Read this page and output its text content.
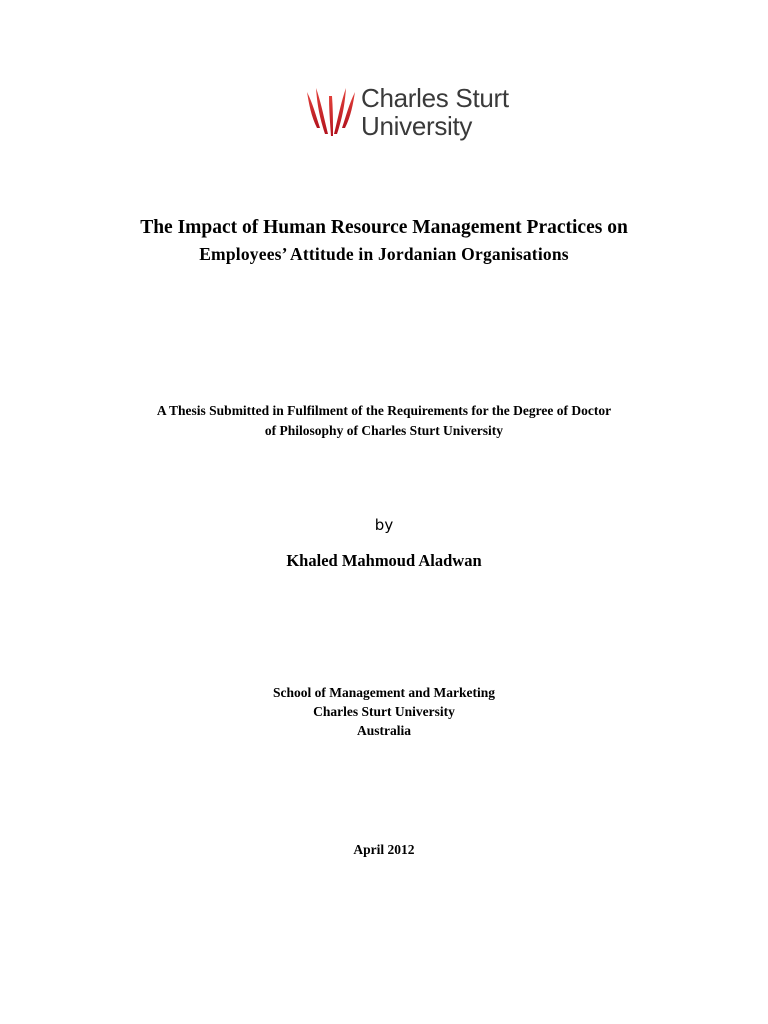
Charles Sturt
University
The Impact of Human Resource Management Practices on
Employees’ Attitude in Jordanian Organisations
A Thesis Submitted in Fulfilment of the Requirements for the Degree of Doctor
of Philosophy of Charles Sturt University
by
Khaled Mahmoud Aladwan
School of Management and Marketing
Charles Sturt University
Australia
April 2012
